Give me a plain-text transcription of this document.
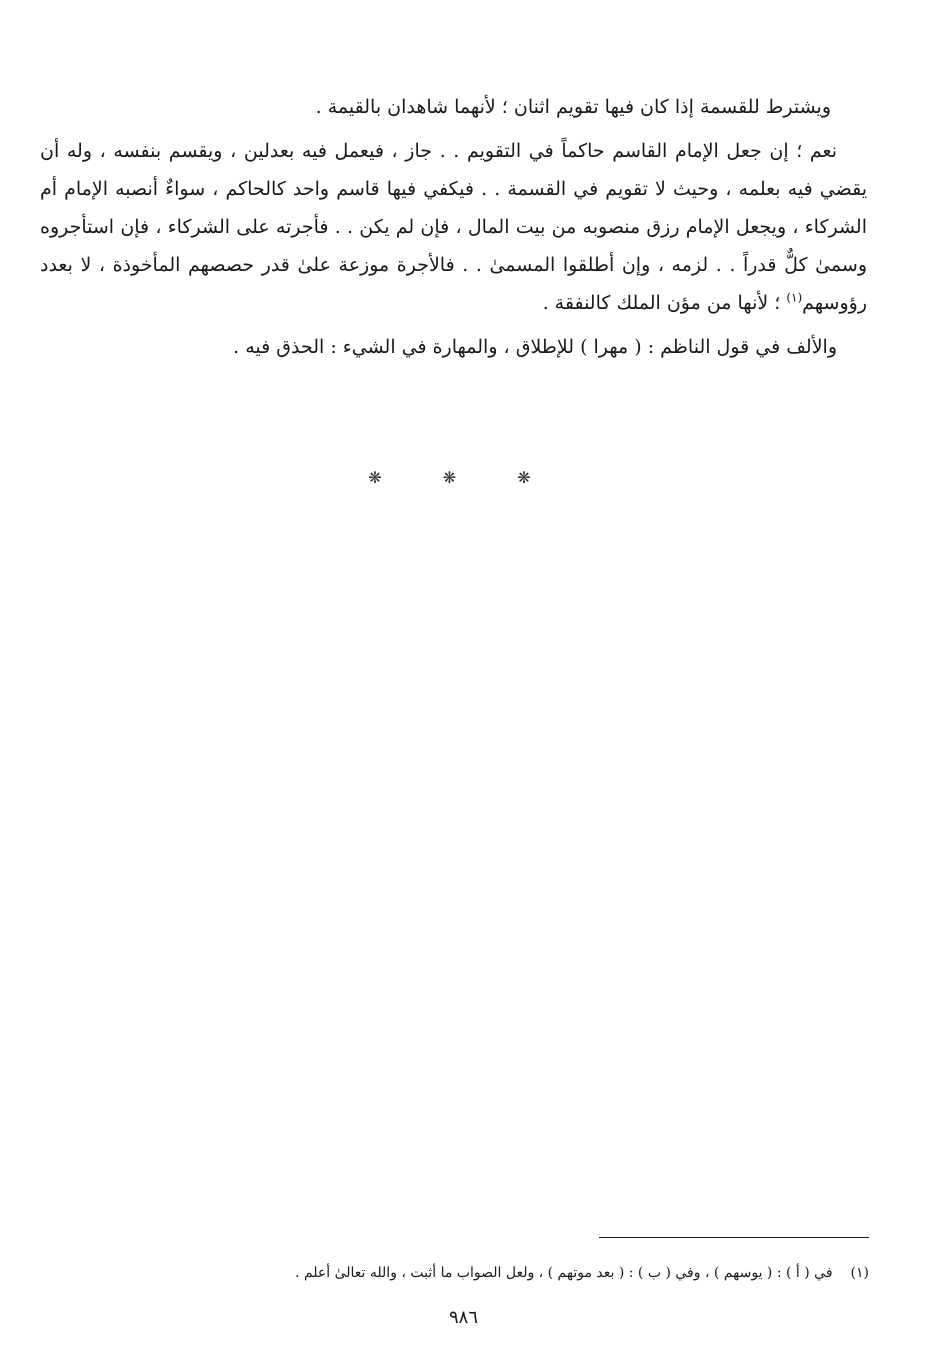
ويشترط للقسمة إذا كان فيها تقويم اثنان ؛ لأنهما شاهدان بالقيمة .

نعم ؛ إن جعل الإمام القاسم حاكماً في التقويم . . جاز ، فيعمل فيه بعدلين ، ويقسم بنفسه ، وله أن يقضي فيه بعلمه ، وحيث لا تقويم في القسمة . . فيكفي فيها قاسم واحد كالحاكم ، سواءٌ أنصبه الإمام أم الشركاء ، ويجعل الإمام رزق منصوبه من بيت المال ، فإن لم يكن . . فأجرته على الشركاء ، فإن استأجروه وسمىٰ كلٌّ قدراً . . لزمه ، وإن أطلقوا المسمىٰ . . فالأجرة موزعة علىٰ قدر حصصهم المأخوذة ، لا بعدد رؤوسهم$^{(١)}$ ؛ لأنها من مؤن الملك كالنفقة .

والألف في قول الناظم : ( مهرا ) للإطلاق ، والمهارة في الشيء : الحذق فيه .

❋ ❋ ❋
(١)في ( أ ) : ( يوسهم ) ، وفي ( ب ) : ( بعد موتهم ) ، ولعل الصواب ما أثبت ، والله تعالىٰ أعلم .
٩٨٦
